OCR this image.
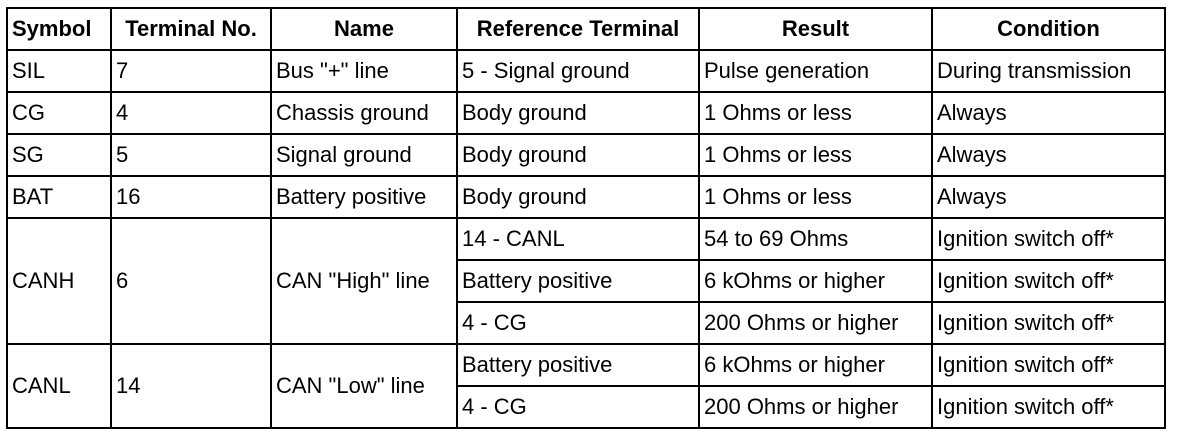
Symbol	Terminal No.	Name	Reference Terminal	Result	Condition
SIL	7	Bus "+" line	5 - Signal ground	Pulse generation	During transmission
CG	4	Chassis ground	Body ground	1 Ohms or less	Always
SG	5	Signal ground	Body ground	1 Ohms or less	Always
BAT	16	Battery positive	Body ground	1 Ohms or less	Always
CANH	6	CAN "High" line	14 - CANL	54 to 69 Ohms	Ignition switch off*
			Battery positive	6 kOhms or higher	Ignition switch off*
			4 - CG	200 Ohms or higher	Ignition switch off*
CANL	14	CAN "Low" line	Battery positive	6 kOhms or higher	Ignition switch off*
			4 - CG	200 Ohms or higher	Ignition switch off*
